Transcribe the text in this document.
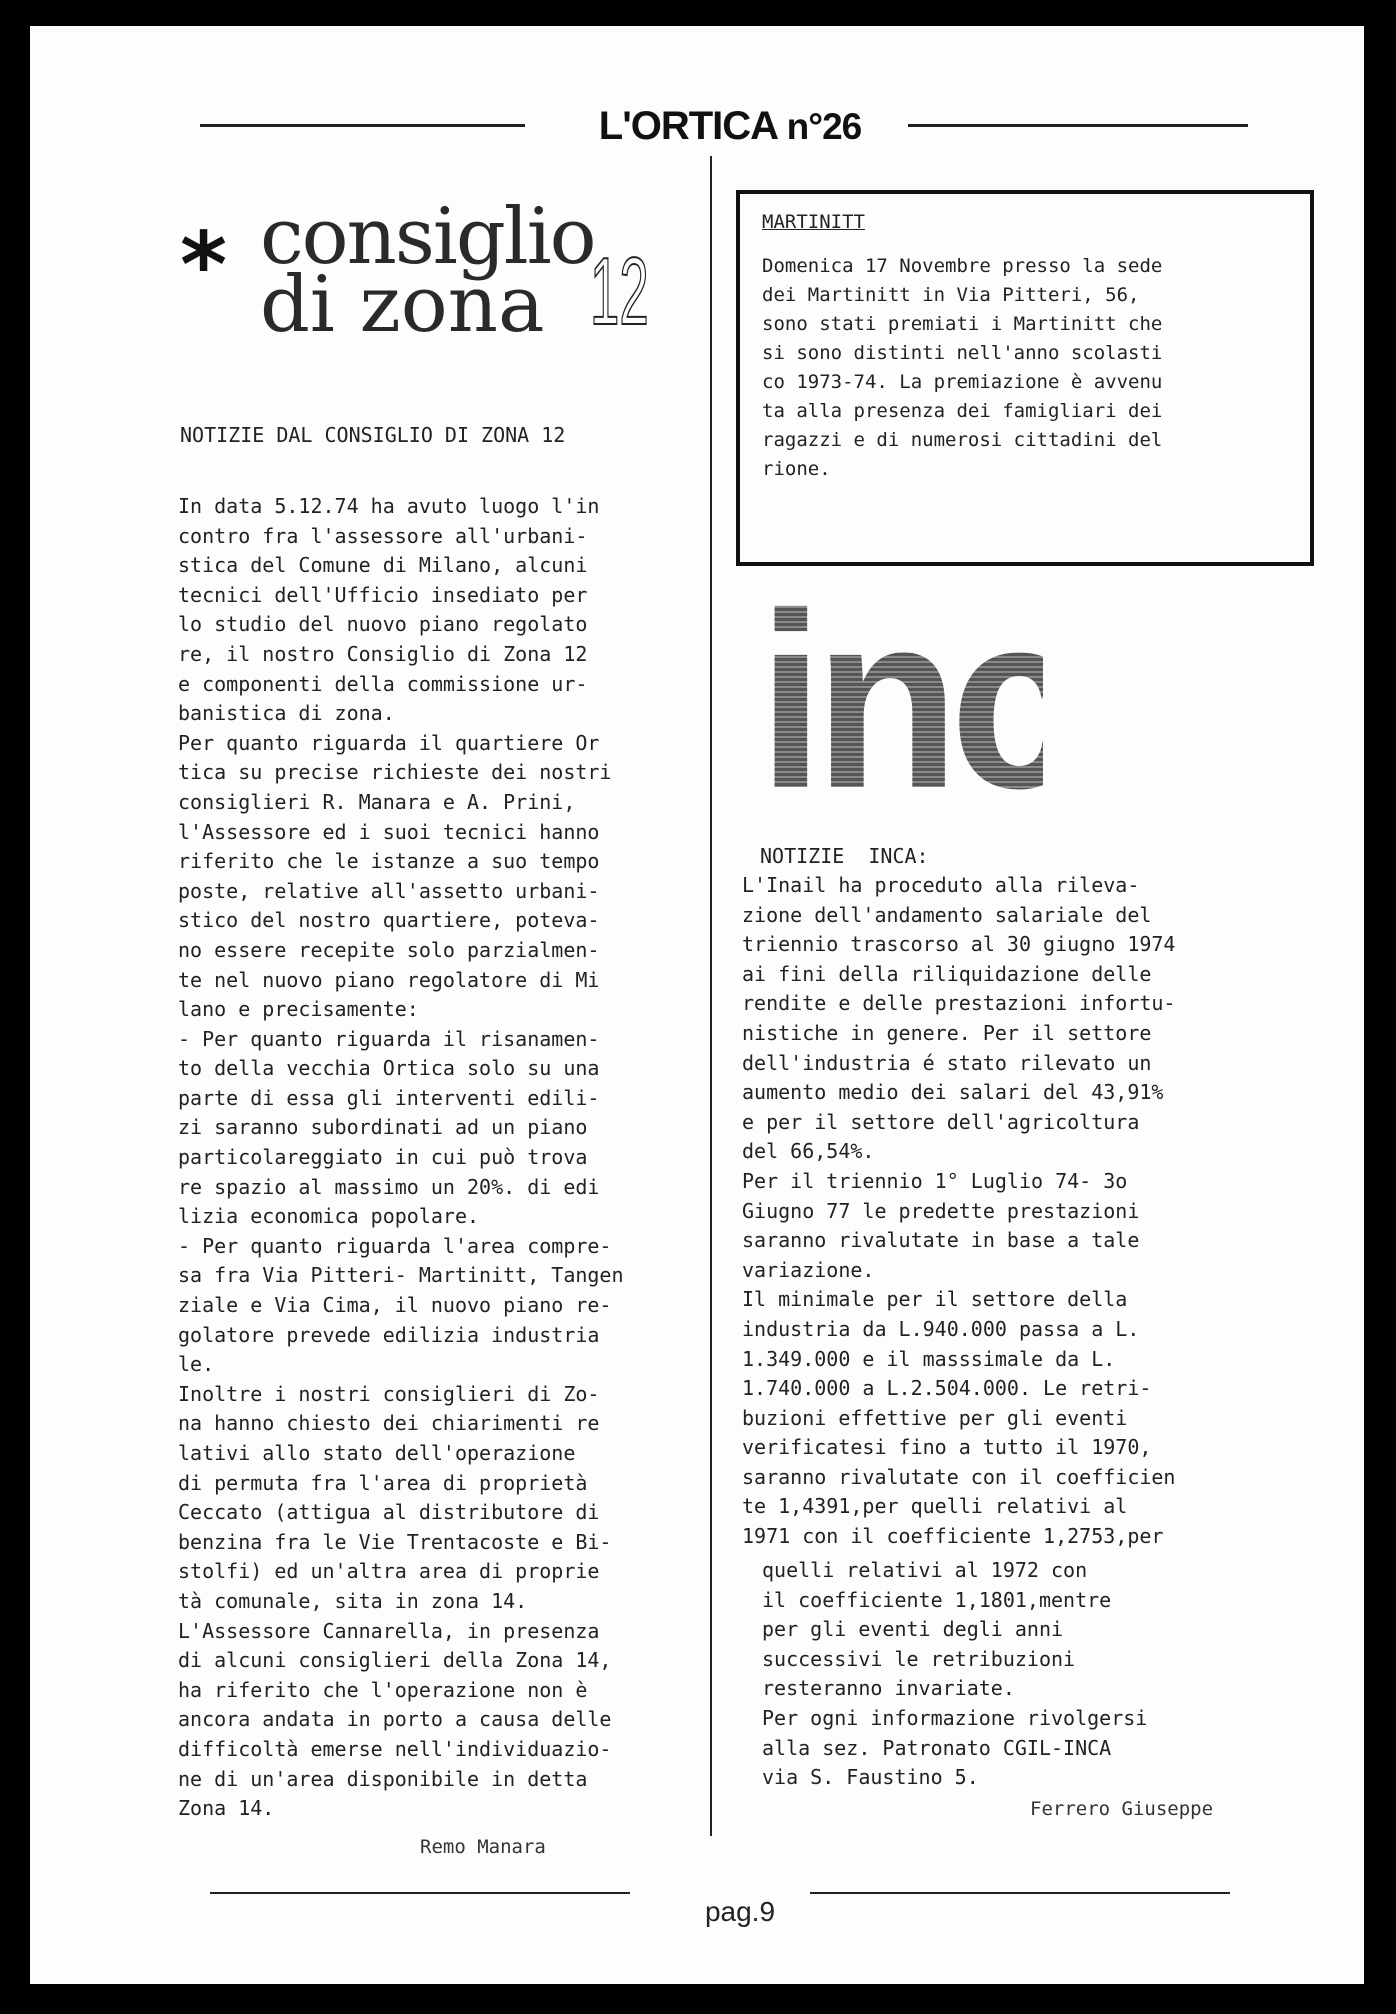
L'ORTICA n°26
* consiglio
di zona 12
NOTIZIE DAL CONSIGLIO DI ZONA 12
In data 5.12.74 ha avuto luogo l'in
contro fra l'assessore all'urbani-
stica del Comune di Milano, alcuni
tecnici dell'Ufficio insediato per
lo studio del nuovo piano regolato
re, il nostro Consiglio di Zona 12
e componenti della commissione ur-
banistica di zona.
Per quanto riguarda il quartiere Or
tica su precise richieste dei nostri
consiglieri R. Manara e A. Prini,
l'Assessore ed i suoi tecnici hanno
riferito che le istanze a suo tempo
poste, relative all'assetto urbani-
stico del nostro quartiere, poteva-
no essere recepite solo parzialmen-
te nel nuovo piano regolatore di Mi
lano e precisamente:
- Per quanto riguarda il risanamen-
to della vecchia Ortica solo su una
parte di essa gli interventi edili-
zi saranno subordinati ad un piano
particolareggiato in cui può trova
re spazio al massimo un 20%. di edi
lizia economica popolare.
- Per quanto riguarda l'area compre-
sa fra Via Pitteri- Martinitt, Tangen
ziale e Via Cima, il nuovo piano re-
golatore prevede edilizia industria
le.
Inoltre i nostri consiglieri di Zo-
na hanno chiesto dei chiarimenti re
lativi allo stato dell'operazione
di permuta fra l'area di proprietà
Ceccato (attigua al distributore di
benzina fra le Vie Trentacoste e Bi-
stolfi) ed un'altra area di proprie
tà comunale, sita in zona 14.
L'Assessore Cannarella, in presenza
di alcuni consiglieri della Zona 14,
ha riferito che l'operazione non è
ancora andata in porto a causa delle
difficoltà emerse nell'individuazio-
ne di un'area disponibile in detta
Zona 14.
Remo Manara
MARTINITT
Domenica 17 Novembre presso la sede
dei Martinitt in Via Pitteri, 56,
sono stati premiati i Martinitt che
si sono distinti nell'anno scolasti
co 1973-74. La premiazione è avvenu
ta alla presenza dei famigliari dei
ragazzi e di numerosi cittadini del
rione.
inca
NOTIZIE  INCA:
L'Inail ha proceduto alla rileva-
zione dell'andamento salariale del
triennio trascorso al 30 giugno 1974
ai fini della riliquidazione delle
rendite e delle prestazioni infortu-
nistiche in genere. Per il settore
dell'industria é stato rilevato un
aumento medio dei salari del 43,91%
e per il settore dell'agricoltura
del 66,54%.
Per il triennio 1° Luglio 74- 3o
Giugno 77 le predette prestazioni
saranno rivalutate in base a tale
variazione.
Il minimale per il settore della
industria da L.940.000 passa a L.
1.349.000 e il masssimale da L.
1.740.000 a L.2.504.000. Le retri-
buzioni effettive per gli eventi
verificatesi fino a tutto il 1970,
saranno rivalutate con il coefficien
te 1,4391,per quelli relativi al
1971 con il coefficiente 1,2753,per
quelli relativi al 1972 con
il coefficiente 1,1801,mentre
per gli eventi degli anni
successivi le retribuzioni
resteranno invariate.
Per ogni informazione rivolgersi
alla sez. Patronato CGIL-INCA
via S. Faustino 5.
Ferrero Giuseppe
pag.9
